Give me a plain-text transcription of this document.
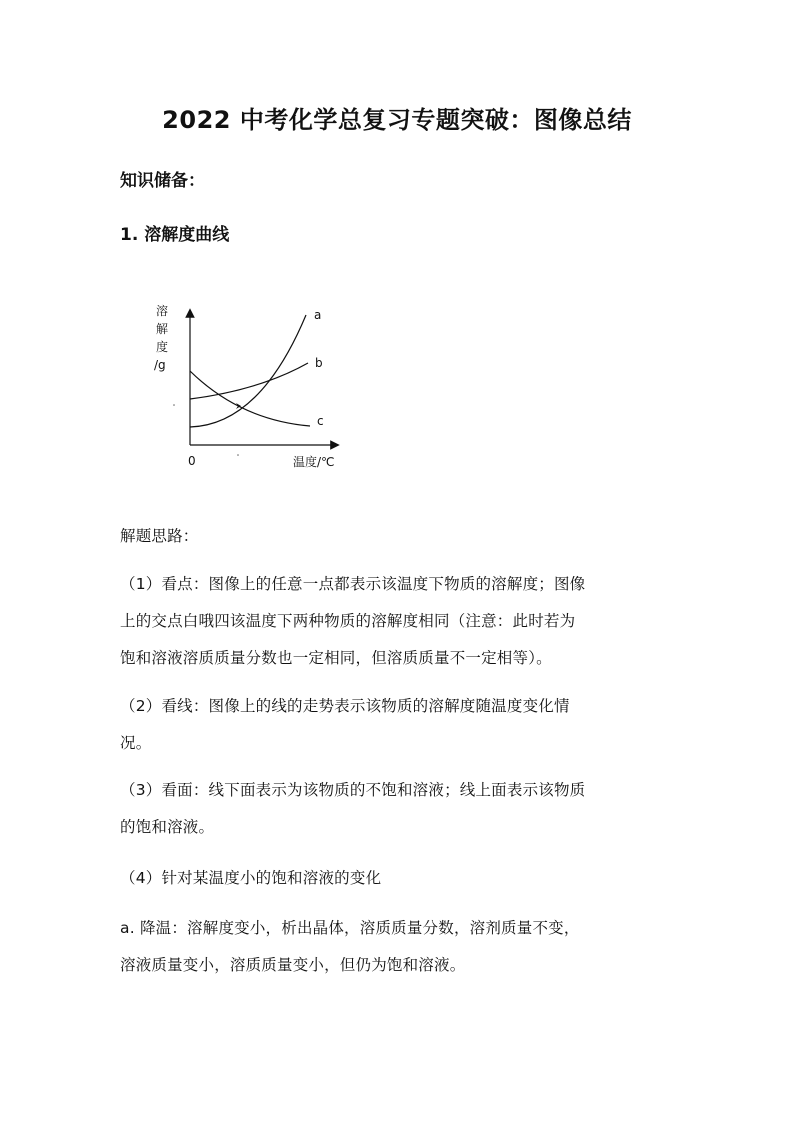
2022 中考化学总复习专题突破：图像总结
知识储备：
1. 溶解度曲线
溶
解
度
/g
a
b
c
0	温度/℃
解题思路：
（1）看点：图像上的任意一点都表示该温度下物质的溶解度；图像
上的交点白哦四该温度下两种物质的溶解度相同（注意：此时若为
饱和溶液溶质质量分数也一定相同，但溶质质量不一定相等）。
（2）看线：图像上的线的走势表示该物质的溶解度随温度变化情
况。
（3）看面：线下面表示为该物质的不饱和溶液；线上面表示该物质
的饱和溶液。
（4）针对某温度小的饱和溶液的变化
a. 降温：溶解度变小，析出晶体，溶质质量分数，溶剂质量不变，
溶液质量变小，溶质质量变小，但仍为饱和溶液。
